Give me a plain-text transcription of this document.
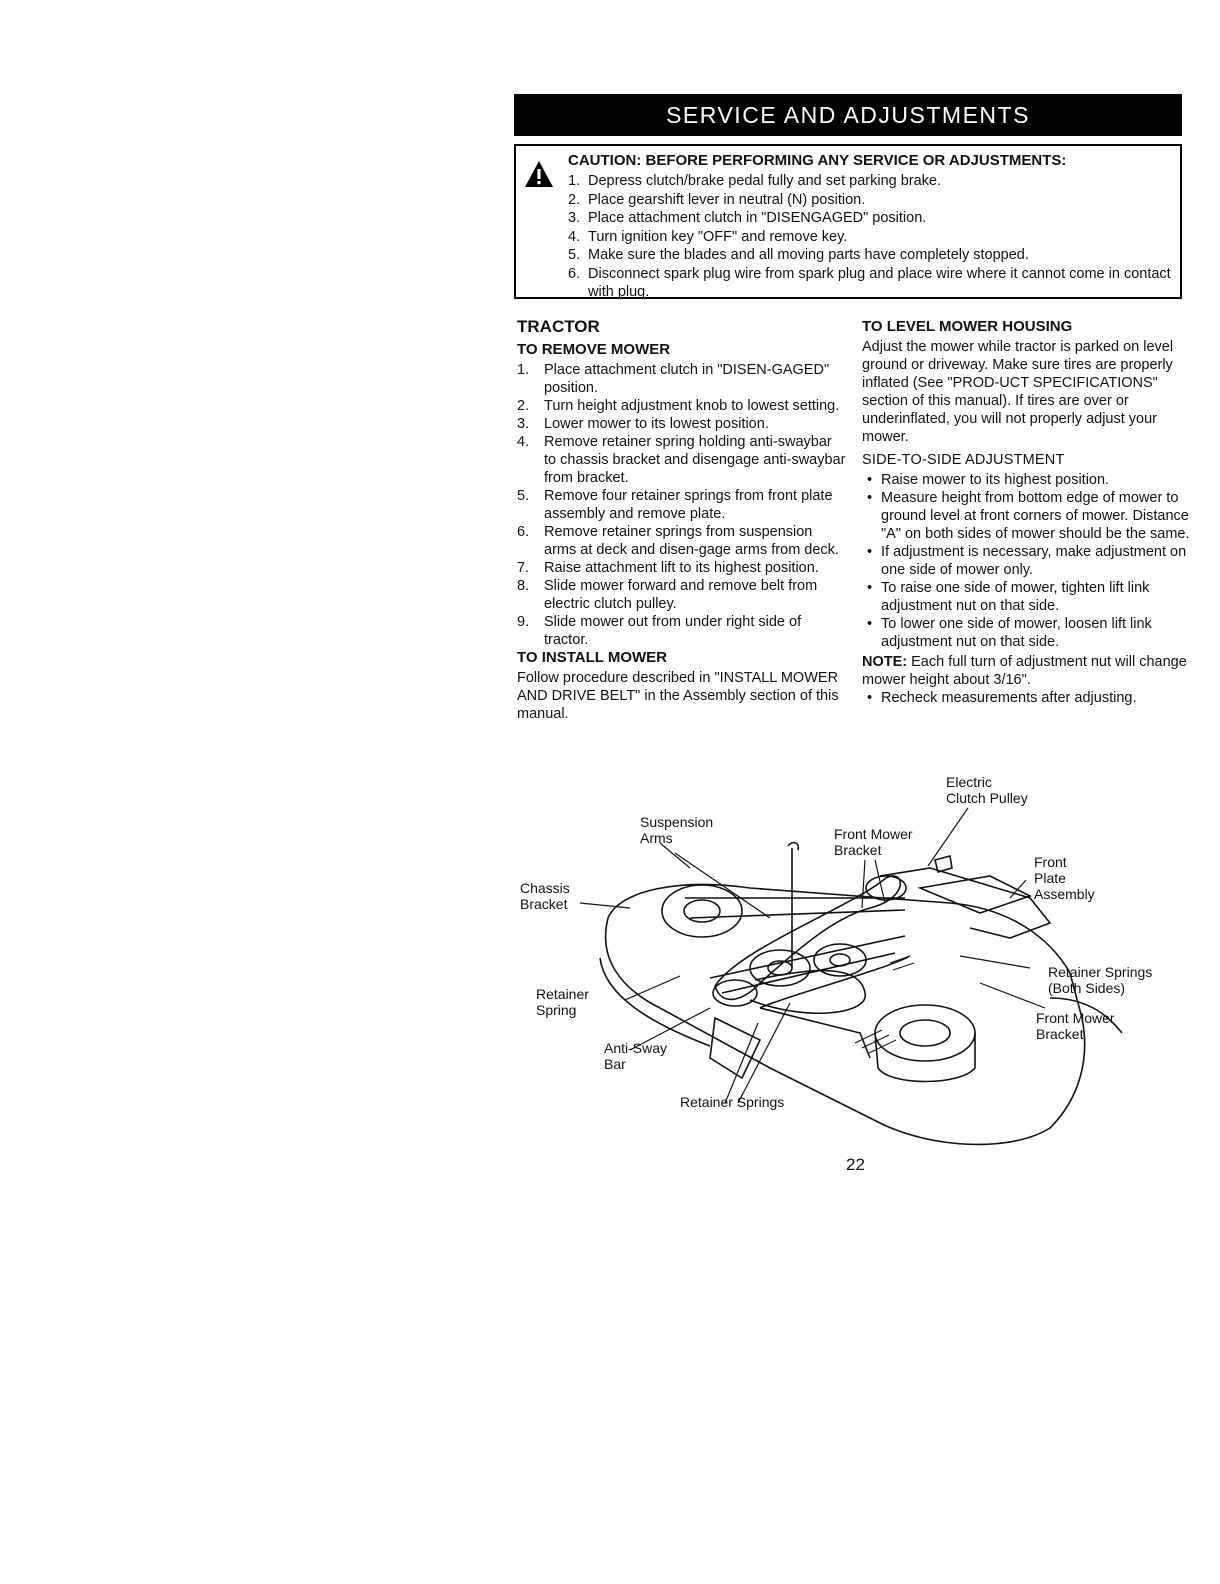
SERVICE AND ADJUSTMENTS
CAUTION: BEFORE PERFORMING ANY SERVICE OR ADJUSTMENTS:
1. Depress clutch/brake pedal fully and set parking brake.
2. Place gearshift lever in neutral (N) position.
3. Place attachment clutch in "DISENGAGED" position.
4. Turn ignition key "OFF" and remove key.
5. Make sure the blades and all moving parts have completely stopped.
6. Disconnect spark plug wire from spark plug and place wire where it cannot come in contact with plug.
TRACTOR
TO REMOVE MOWER
1. Place attachment clutch in "DISEN-GAGED" position.
2. Turn height adjustment knob to lowest setting.
3. Lower mower to its lowest position.
4. Remove retainer spring holding anti-swaybar to chassis bracket and disengage anti-swaybar from bracket.
5. Remove four retainer springs from front plate assembly and remove plate.
6. Remove retainer springs from suspension arms at deck and disen-gage arms from deck.
7. Raise attachment lift to its highest position.
8. Slide mower forward and remove belt from electric clutch pulley.
9. Slide mower out from under right side of tractor.
TO INSTALL MOWER

Follow procedure described in "INSTALL MOWER AND DRIVE BELT" in the Assembly section of this manual.

TO LEVEL MOWER HOUSING

Adjust the mower while tractor is parked on level ground or driveway. Make sure tires are properly inflated (See "PROD-UCT SPECIFICATIONS" section of this manual). If tires are over or underinflated, you will not properly adjust your mower.

SIDE-TO-SIDE ADJUSTMENT
• Raise mower to its highest position.
• Measure height from bottom edge of mower to ground level at front corners of mower. Distance "A" on both sides of mower should be the same.
• If adjustment is necessary, make adjustment on one side of mower only.
• To raise one side of mower, tighten lift link adjustment nut on that side.
• To lower one side of mower, loosen lift link adjustment nut on that side.

NOTE: Each full turn of adjustment nut will change mower height about 3/16".

• Recheck measurements after adjusting.
Electric
Clutch Pulley
Suspension
Arms	Front Mower
Bracket
Front
Plate
Assembly
Chassis
Bracket
Retainer Springs
(Both Sides)
Retainer
Spring	Front Mower
Bracket
Anti-Sway
Bar
Retainer Springs
22
